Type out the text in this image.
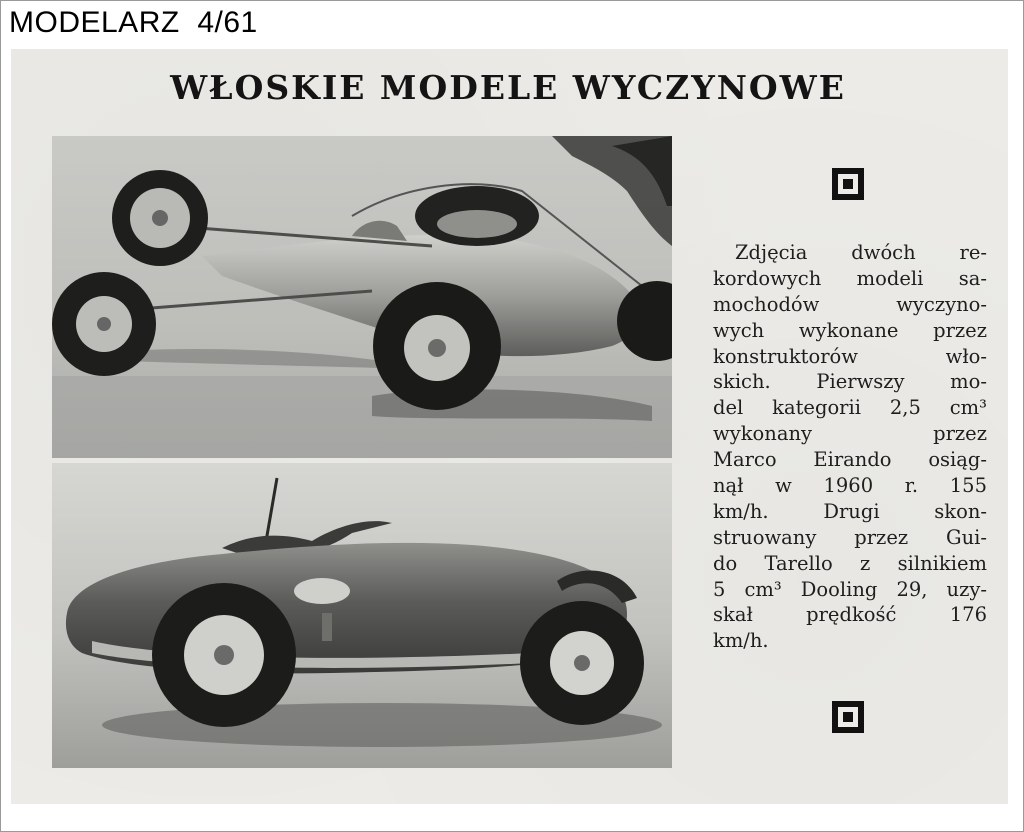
MODELARZ  4/61
WŁOSKIE MODELE WYCZYNOWE
Zdjęcia dwóch re-
kordowych modeli sa-
mochodów wyczyno-
wych wykonane przez
konstruktorów wło-
skich. Pierwszy mo-
del kategorii 2,5 cm³
wykonany przez
Marco Eirando osiąg-
nął w 1960 r. 155
km/h. Drugi skon-
struowany przez Gui-
do Tarello z silnikiem
5 cm³ Dooling 29, uzy-
skał prędkość 176
km/h.
